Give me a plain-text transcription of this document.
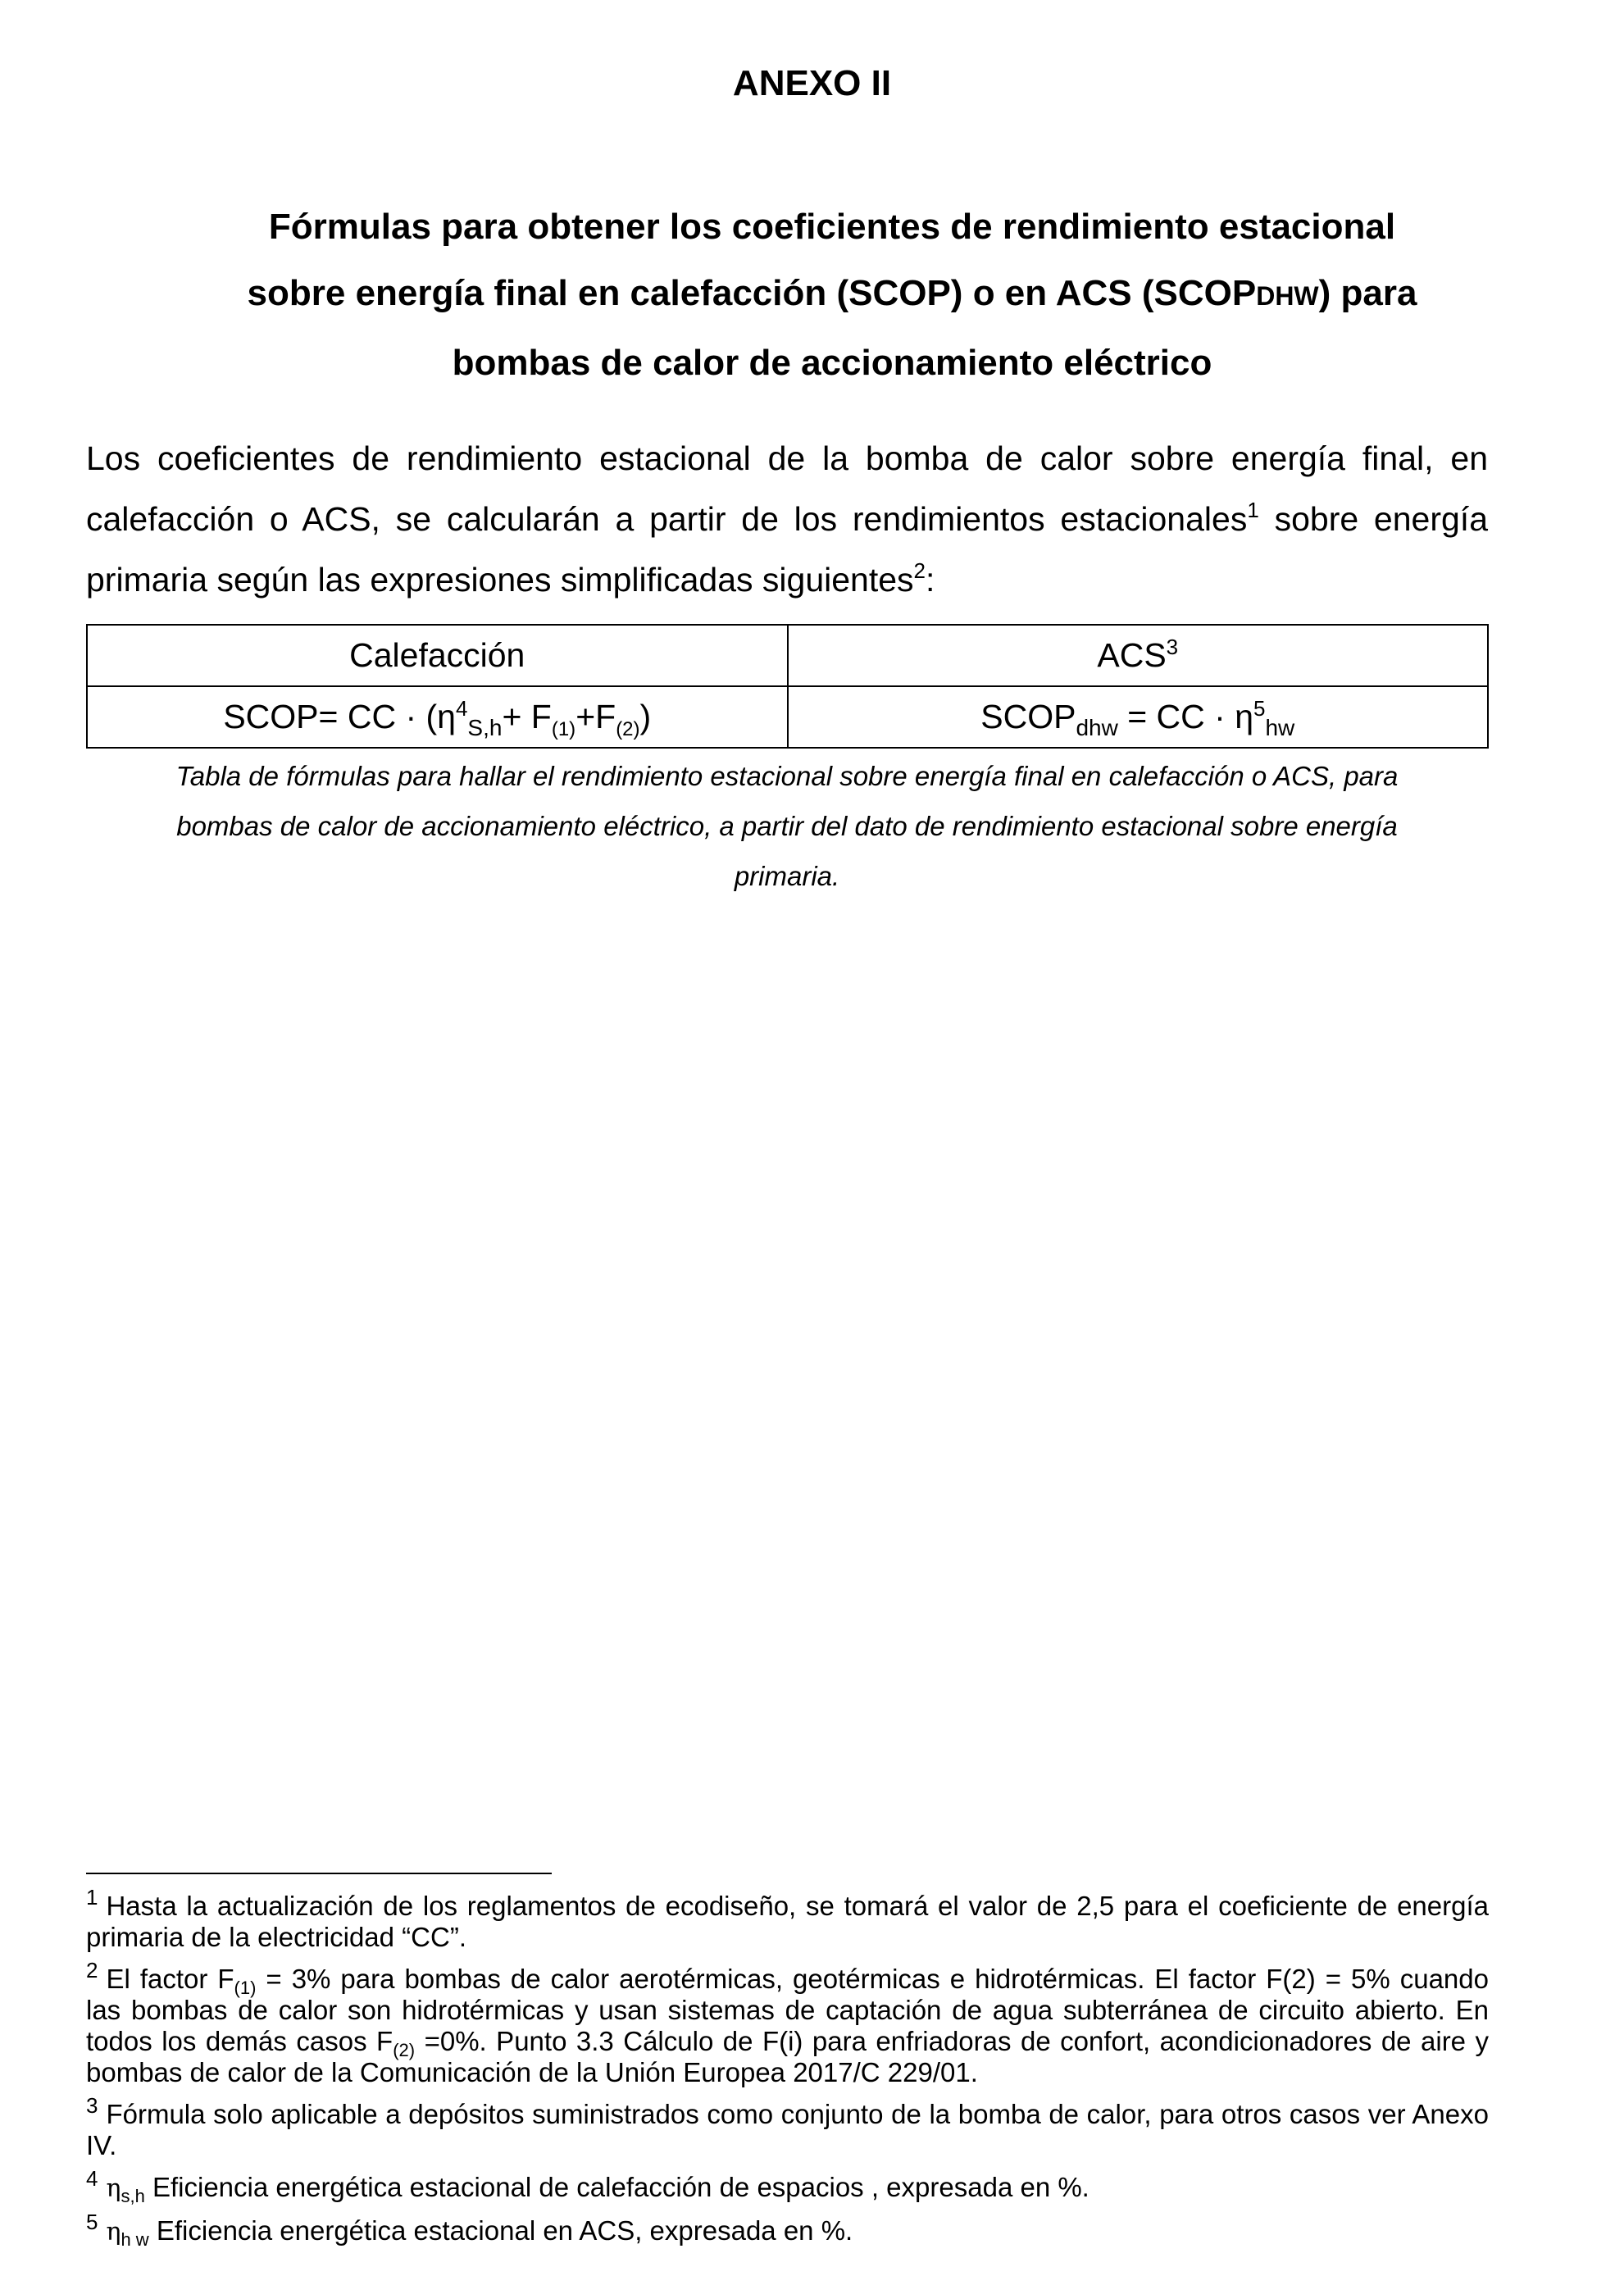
ANEXO II
Fórmulas para obtener los coeficientes de rendimiento estacional
sobre energía final en calefacción (SCOP) o en ACS (SCOPDHW) para
bombas de calor de accionamiento eléctrico
Los coeficientes de rendimiento estacional de la bomba de calor sobre energía final, en calefacción o ACS, se calcularán a partir de los rendimientos estacionales$^1$ sobre energía primaria según las expresiones simplificadas siguientes$^2$:
Calefacción	ACS$^3$
SCOP= CC · $(\eta^4_{S,h}+ F_{(1)}+F_{(2)})$	$SCOP_{dhw}$ = CC · $\eta^5_{hw}$
Tabla de fórmulas para hallar el rendimiento estacional sobre energía final en calefacción o ACS, para
bombas de calor de accionamiento eléctrico, a partir del dato de rendimiento estacional sobre energía
primaria.
$^1$ Hasta la actualización de los reglamentos de ecodiseño, se tomará el valor de 2,5 para el coeficiente de energía primaria de la electricidad “CC”.
$^2$ El factor $F_{(1)} = 3\%$ para bombas de calor aerotérmicas, geotérmicas e hidrotérmicas. El factor F(2) = 5% cuando las bombas de calor son hidrotérmicas y usan sistemas de captación de agua subterránea de circuito abierto. En todos los demás casos $F_{(2)} =0\%$. Punto 3.3 Cálculo de F(i) para enfriadoras de confort, acondicionadores de aire y bombas de calor de la Comunicación de la Unión Europea 2017/C 229/01.
$^3$ Fórmula solo aplicable a depósitos suministrados como conjunto de la bomba de calor, para otros casos ver Anexo IV.
$^4$ $\eta_{s,h}$ Eficiencia energética estacional de calefacción de espacios , expresada en %.
$^5$ $\eta_{h w}$ Eficiencia energética estacional en ACS, expresada en %.
